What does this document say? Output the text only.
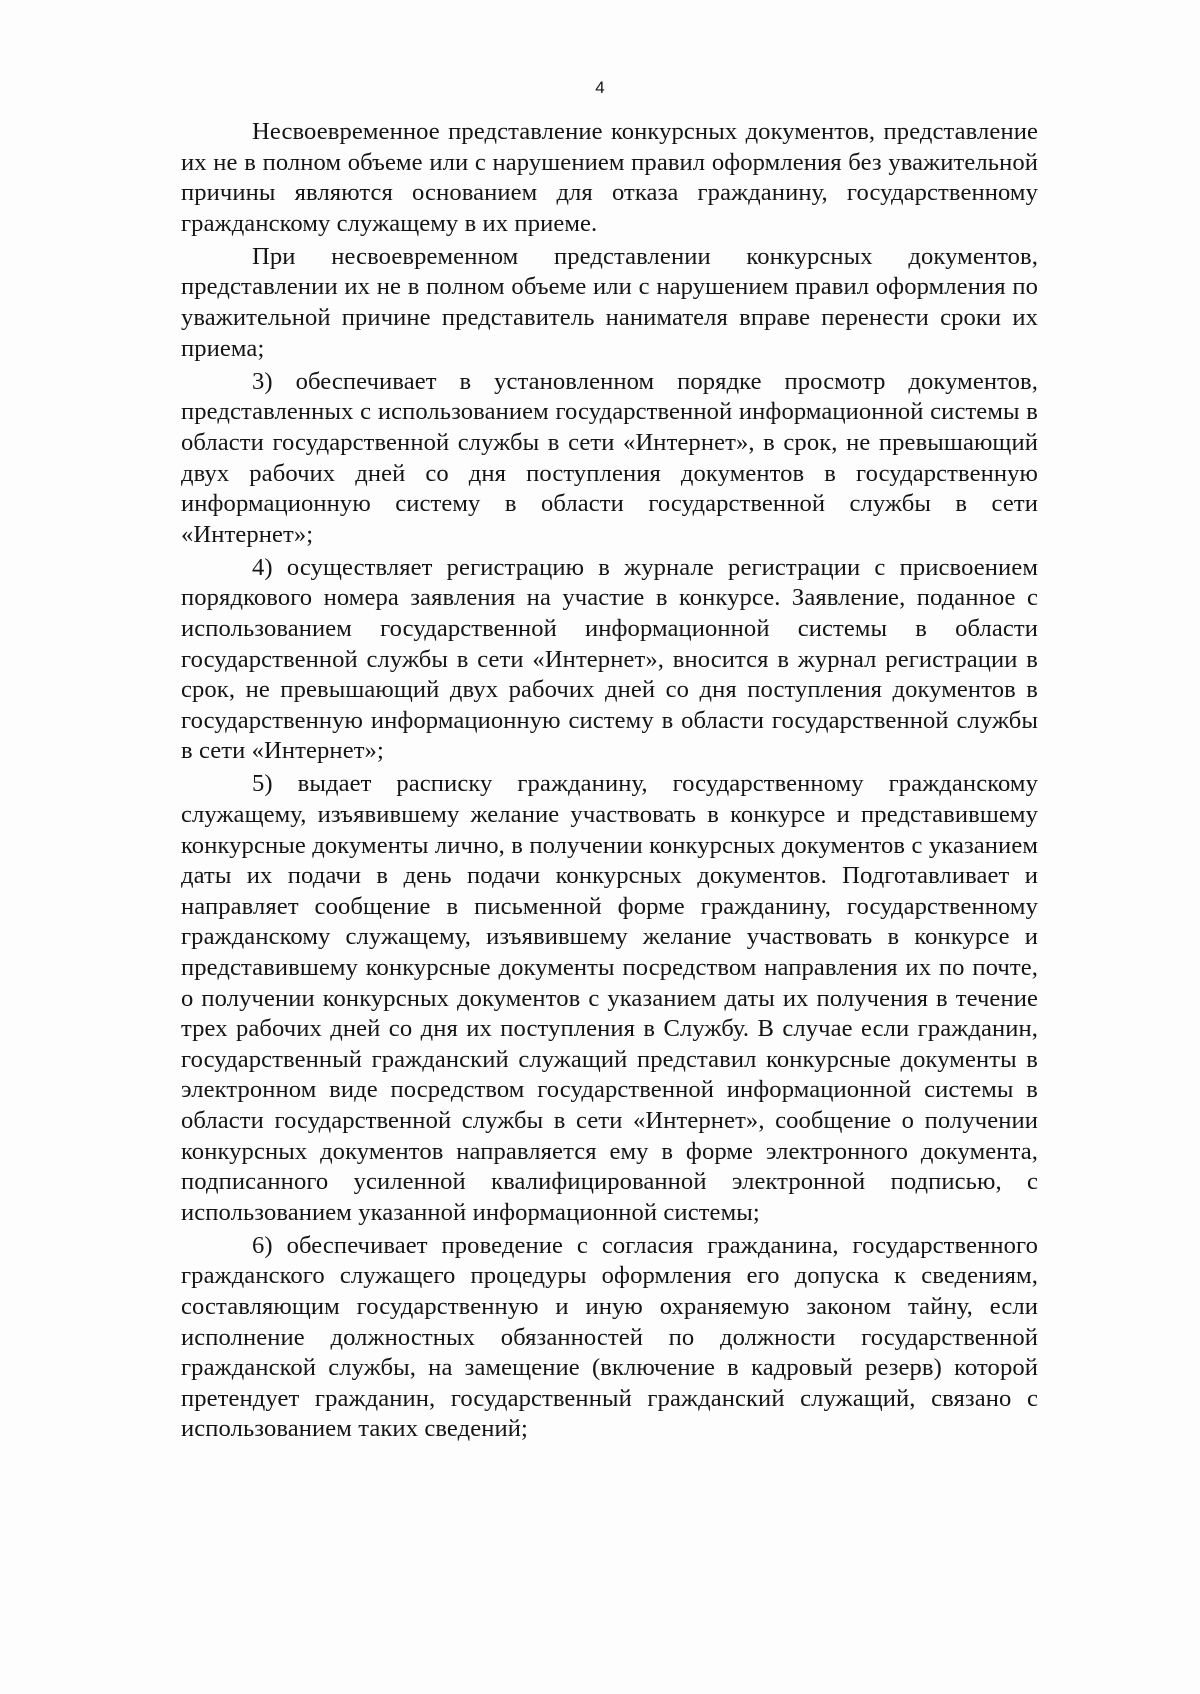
4

Несвоевременное представление конкурсных документов, представление их не в полном объеме или с нарушением правил оформления без уважительной причины являются основанием для отказа гражданину, государственному гражданскому служащему в их приеме.

При несвоевременном представлении конкурсных документов, представлении их не в полном объеме или с нарушением правил оформления по уважительной причине представитель нанимателя вправе перенести сроки их приема;

3) обеспечивает в установленном порядке просмотр документов, представленных с использованием государственной информационной системы в области государственной службы в сети «Интернет», в срок, не превышающий двух рабочих дней со дня поступления документов в государственную информационную систему в области государственной службы в сети «Интернет»;

4) осуществляет регистрацию в журнале регистрации с присвоением порядкового номера заявления на участие в конкурсе. Заявление, поданное с использованием государственной информационной системы в области государственной службы в сети «Интернет», вносится в журнал регистрации в срок, не превышающий двух рабочих дней со дня поступления документов в государственную информационную систему в области государственной службы в сети «Интернет»;

5) выдает расписку гражданину, государственному гражданскому служащему, изъявившему желание участвовать в конкурсе и представившему конкурсные документы лично, в получении конкурсных документов с указанием даты их подачи в день подачи конкурсных документов. Подготавливает и направляет сообщение в письменной форме гражданину, государственному гражданскому служащему, изъявившему желание участвовать в конкурсе и представившему конкурсные документы посредством направления их по почте, о получении конкурсных документов с указанием даты их получения в течение трех рабочих дней со дня их поступления в Службу. В случае если гражданин, государственный гражданский служащий представил конкурсные документы в электронном виде посредством государственной информационной системы в области государственной службы в сети «Интернет», сообщение о получении конкурсных документов направляется ему в форме электронного документа, подписанного усиленной квалифицированной электронной подписью, с использованием указанной информационной системы;

6) обеспечивает проведение с согласия гражданина, государственного гражданского служащего процедуры оформления его допуска к сведениям, составляющим государственную и иную охраняемую законом тайну, если исполнение должностных обязанностей по должности государственной гражданской службы, на замещение (включение в кадровый резерв) которой претендует гражданин, государственный гражданский служащий, связано с использованием таких сведений;
